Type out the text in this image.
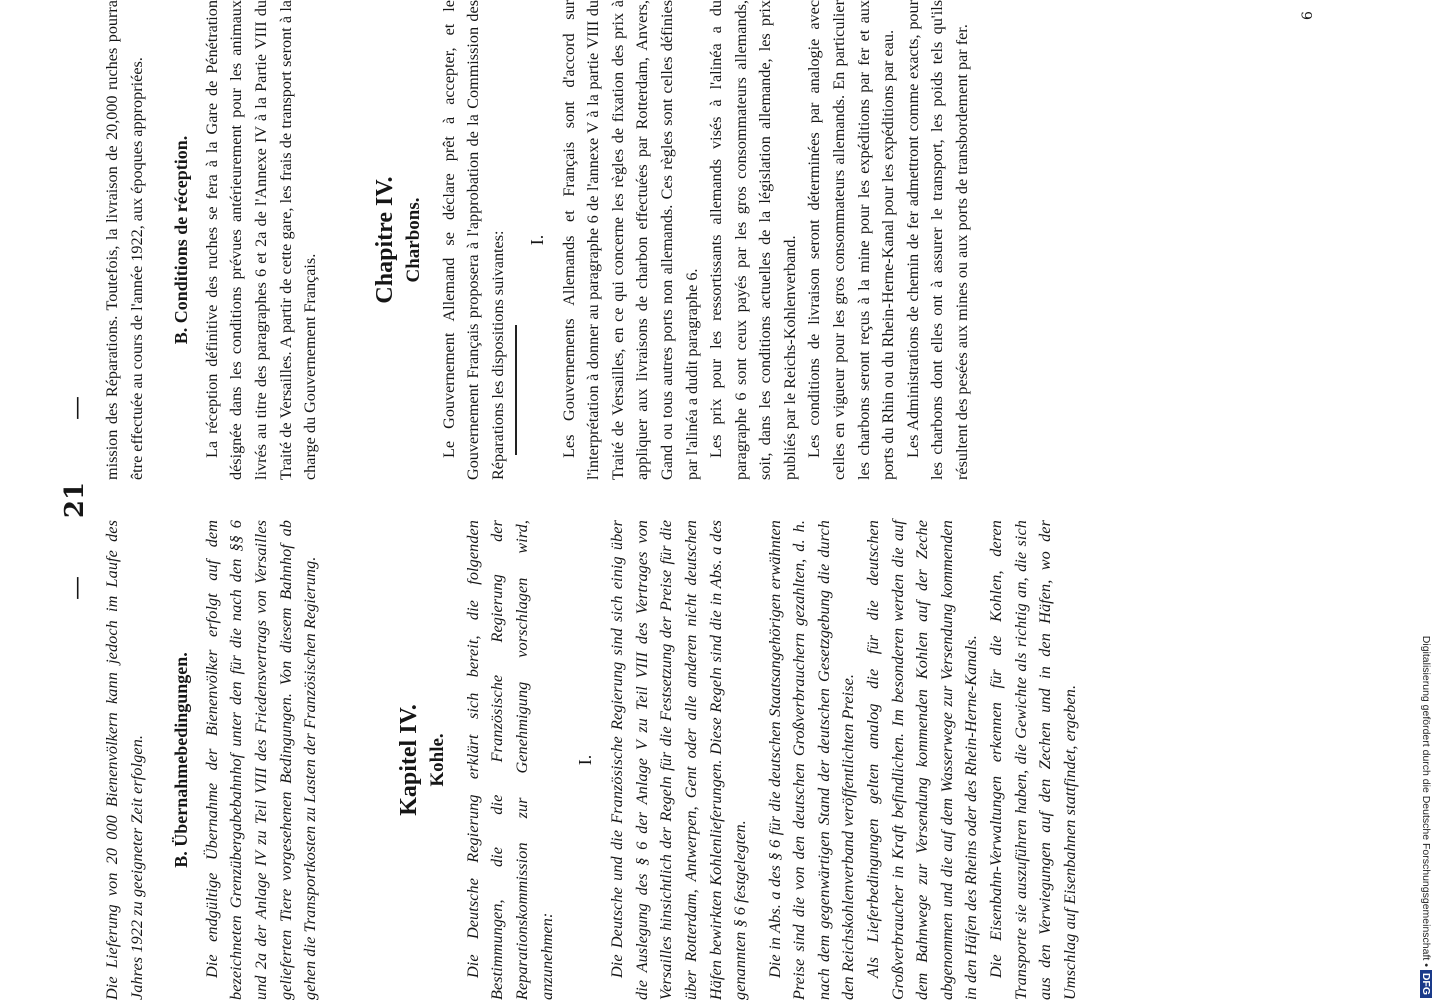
—
21
—

Die Lieferung von 20 000 Bienenvölkern kann jedoch im Laufe des Jahres 1922 zu geeigneter Zeit erfolgen. B. Übernahmebedingungen. Die endgültige Übernahme der Bienenvölker erfolgt auf dem bezeichneten Grenzübergabebahnhof unter den für die nach den §§ 6 und 2a der Anlage IV zu Teil VIII des Friedensvertrags von Versailles gelieferten Tiere vorgesehenen Bedingungen. Von diesem Bahnhof ab gehen die Transportkosten zu Lasten der Französischen Regierung.	Kapitel IV. Kohle. Die Deutsche Regierung erklärt sich bereit, die folgenden Bestimmungen, die die Französische Regierung der Reparationskommission zur Genehmigung vorschlagen wird, anzunehmen:

I. Die Deutsche und die Französische Regierung sind sich einig über die Auslegung des § 6 der Anlage V zu Teil VIII des Vertrages von Versailles hinsichtlich der Regeln für die Festsetzung der Preise für die über Rotterdam, Antwerpen, Gent oder alle anderen nicht deutschen Häfen bewirkten Kohlenlieferungen. Diese Regeln sind die in Abs. a des genannten § 6 festgelegten. Die in Abs. a des § 6 für die deutschen Staatsangehörigen erwähnten Preise sind die von den deutschen Großverbrauchern gezahlten, d. h. nach dem gegenwärtigen Stand der deutschen Gesetzgebung die durch den Reichskohlenverband veröffentlichten Preise. Als Lieferbedingungen gelten analog die für die deutschen Großverbraucher in Kraft befindlichen. Im besonderen werden die auf dem Bahnwege zur Versendung kommenden Kohlen auf der Zeche abgenommen und die auf dem Wasserwege zur Versendung kommenden in den Häfen des Rheins oder des Rhein-Herne-Kanals. Die Eisenbahn-Verwaltungen erkennen für die Kohlen, deren Transporte sie auszuführen haben, die Gewichte als richtig an, die sich aus den Verwiegungen auf den Zechen und in den Häfen, wo der Umschlag auf Eisenbahnen stattfindet, ergeben.

mission des Réparations. Toutefois, la livraison de 20,000 ruches pourra être effectuée au cours de l'année 1922, aux époques appropriées. B. Conditions de réception. La réception définitive des ruches se fera à la Gare de Pénétration désignée dans les conditions prévues antérieurement pour les animaux livrés au titre des paragraphes 6 et 2a de l'Annexe IV à la Partie VIII du Traité de Versailles. A partir de cette gare, les frais de transport seront à la charge du Gouvernement Français.

Chapitre IV. Charbons. Le Gouvernement Allemand se déclare prêt à accepter, et le Gouvernement Français proposera à l'approbation de la Commission des Réparations les dispositions suivantes: I. Les Gouvernements Allemands et Français sont d'accord sur l'interprétation à donner au paragraphe 6 de l'annexe V à la partie VIII du Traité de Versailles, en ce qui concerne les règles de fixation des prix à appliquer aux livraisons de charbon effectuées par Rotterdam, Anvers, Gand ou tous autres ports non allemands. Ces règles sont celles définies par l'alinéa a dudit paragraphe 6. Les prix pour les ressortissants allemands visés à l'alinéa a du paragraphe 6 sont ceux payés par les gros consommateurs allemands, soit, dans les conditions actuelles de la législation allemande, les prix publiés par le Reichs-Kohlenverband. Les conditions de livraison seront déterminées par analogie avec celles en vigueur pour les gros consommateurs allemands. En particulier les charbons seront reçus à la mine pour les expéditions par fer et aux ports du Rhin ou du Rhein-Herne-Kanal pour les expéditions par eau. Les Administrations de chemin de fer admettront comme exacts, pour les charbons dont elles ont à assurer le transport, les poids tels qu'ils résultent des pesées aux mines ou aux ports de transbordement par fer.

6
Digitalisierung gefördert durch die Deutsche Forschungsgemeinschaft • DFG
